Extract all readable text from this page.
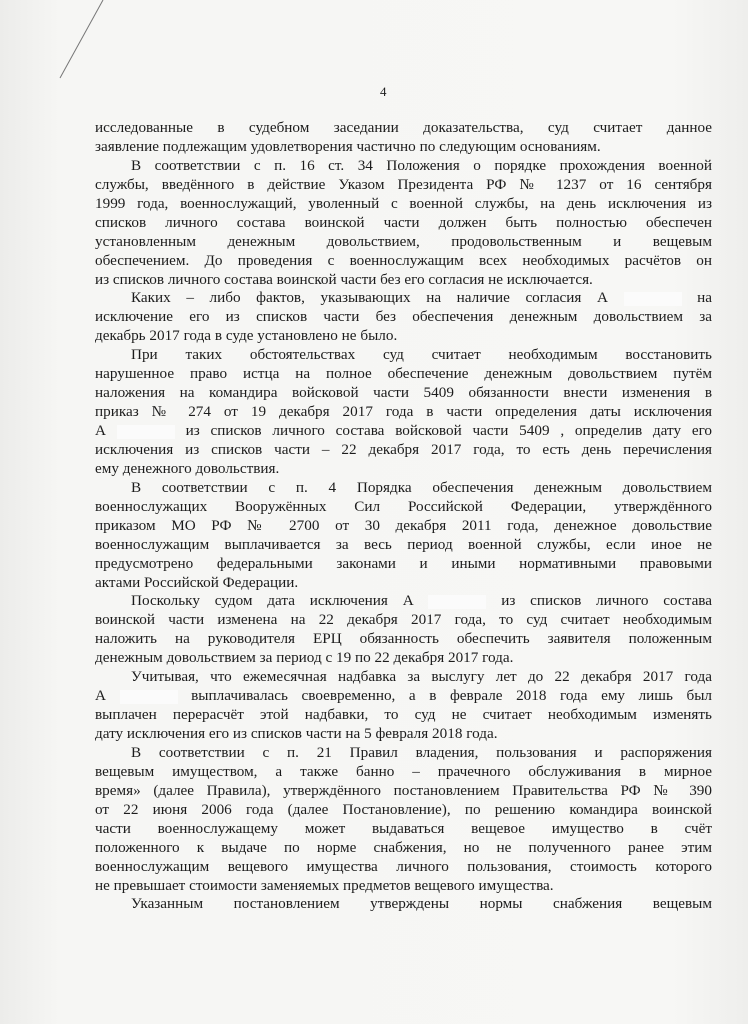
4
исследованные в судебном заседании доказательства, суд считает данное
заявление подлежащим удовлетворения частично по следующим основаниям.
В соответствии с п. 16 ст. 34 Положения о порядке прохождения военной
службы, введённого в действие Указом Президента РФ № 1237 от 16 сентября
1999 года, военнослужащий, уволенный с военной службы, на день исключения из
списков личного состава воинской части должен быть полностью обеспечен
установленным денежным довольствием, продовольственным и вещевым
обеспечением. До проведения с военнослужащим всех необходимых расчётов он
из списков личного состава воинской части без его согласия не исключается.
Каких – либо фактов, указывающих на наличие согласия А	на
исключение его из списков части без обеспечения денежным довольствием за
декабрь 2017 года в суде установлено не было.
При таких обстоятельствах суд считает необходимым восстановить
нарушенное право истца на полное обеспечение денежным довольствием путём
наложения на командира войсковой части 5409 обязанности внести изменения в
приказ № 274 от 19 декабря 2017 года в части определения даты исключения
А	из списков личного состава войсковой части 5409 , определив дату его
исключения из списков части – 22 декабря 2017 года, то есть день перечисления
ему денежного довольствия.
В соответствии с п. 4 Порядка обеспечения денежным довольствием
военнослужащих Вооружённых Сил Российской Федерации, утверждённого
приказом МО РФ № 2700 от 30 декабря 2011 года, денежное довольствие
военнослужащим выплачивается за весь период военной службы, если иное не
предусмотрено федеральными законами и иными нормативными правовыми
актами Российской Федерации.
Поскольку судом дата исключения А	из списков личного состава
воинской части изменена на 22 декабря 2017 года, то суд считает необходимым
наложить на руководителя ЕРЦ обязанность обеспечить заявителя положенным
денежным довольствием за период с 19 по 22 декабря 2017 года.
Учитывая, что ежемесячная надбавка за выслугу лет до 22 декабря 2017 года
А	выплачивалась своевременно, а в феврале 2018 года ему лишь был
выплачен перерасчёт этой надбавки, то суд не считает необходимым изменять
дату исключения его из списков части на 5 февраля 2018 года.
В соответствии с п. 21 Правил владения, пользования и распоряжения
вещевым имуществом, а также банно – прачечного обслуживания в мирное
время» (далее Правила), утверждённого постановлением Правительства РФ № 390
от 22 июня 2006 года (далее Постановление), по решению командира воинской
части военнослужащему может выдаваться вещевое имущество в счёт
положенного к выдаче по норме снабжения, но не полученного ранее этим
военнослужащим вещевого имущества личного пользования, стоимость которого
не превышает стоимости заменяемых предметов вещевого имущества.
Указанным постановлением утверждены нормы снабжения вещевым
